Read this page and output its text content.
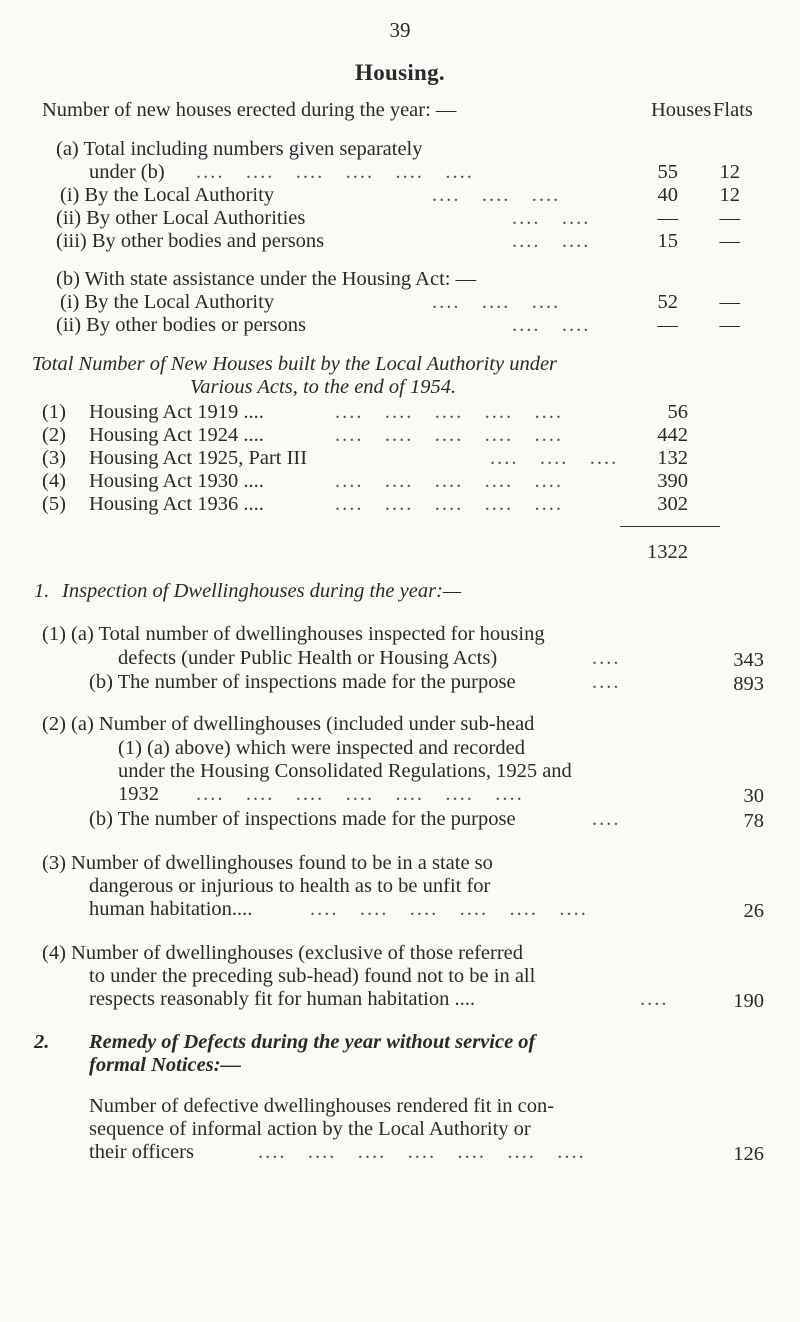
39
Housing.
Number of new houses erected during the year: —	Houses Flats
(a) Total including numbers given separately
under (b) ....   ....   ....   ....   ....   ....	55	12
(i) By the Local Authority	....   ....   ....	40	12
(ii) By other Local Authorities	....   ....	—	—
(iii) By other bodies and persons	....   ....	15	—
(b) With state assistance under the Housing Act: —
(i) By the Local Authority	....   ....   ....	52	—
(ii) By other bodies or persons	....   ....	—	—
Total Number of New Houses built by the Local Authority under
Various Acts, to the end of 1954.
(1) Housing Act 1919 ....	....   ....   ....   ....   ....	56
(2) Housing Act 1924 ....	....   ....   ....   ....   ....	442
(3) Housing Act 1925, Part III	....   ....   ....	132
(4) Housing Act 1930 ....	....   ....   ....   ....   ....	390
(5) Housing Act 1936 ....	....   ....   ....   ....   ....	302
1322
1. Inspection of Dwellinghouses during the year:—
(1) (a) Total number of dwellinghouses inspected for housing
defects (under Public Health or Housing Acts)	....	343
(b) The number of inspections made for the purpose	....	893
(2) (a) Number of dwellinghouses (included under sub-head
(1) (a) above) which were inspected and recorded
under the Housing Consolidated Regulations, 1925 and
1932 ....   ....   ....   ....   ....   ....   ....	30
(b) The number of inspections made for the purpose	....	78
(3) Number of dwellinghouses found to be in a state so
dangerous or injurious to health as to be unfit for
human habitation....	....   ....   ....   ....   ....   ....	26
(4) Number of dwellinghouses (exclusive of those referred
to under the preceding sub-head) found not to be in all
respects reasonably fit for human habitation ....	....	190
2. Remedy of Defects during the year without service of
formal Notices:—
Number of defective dwellinghouses rendered fit in con-
sequence of informal action by the Local Authority or
their officers	....   ....   ....   ....   ....   ....   ....	126
